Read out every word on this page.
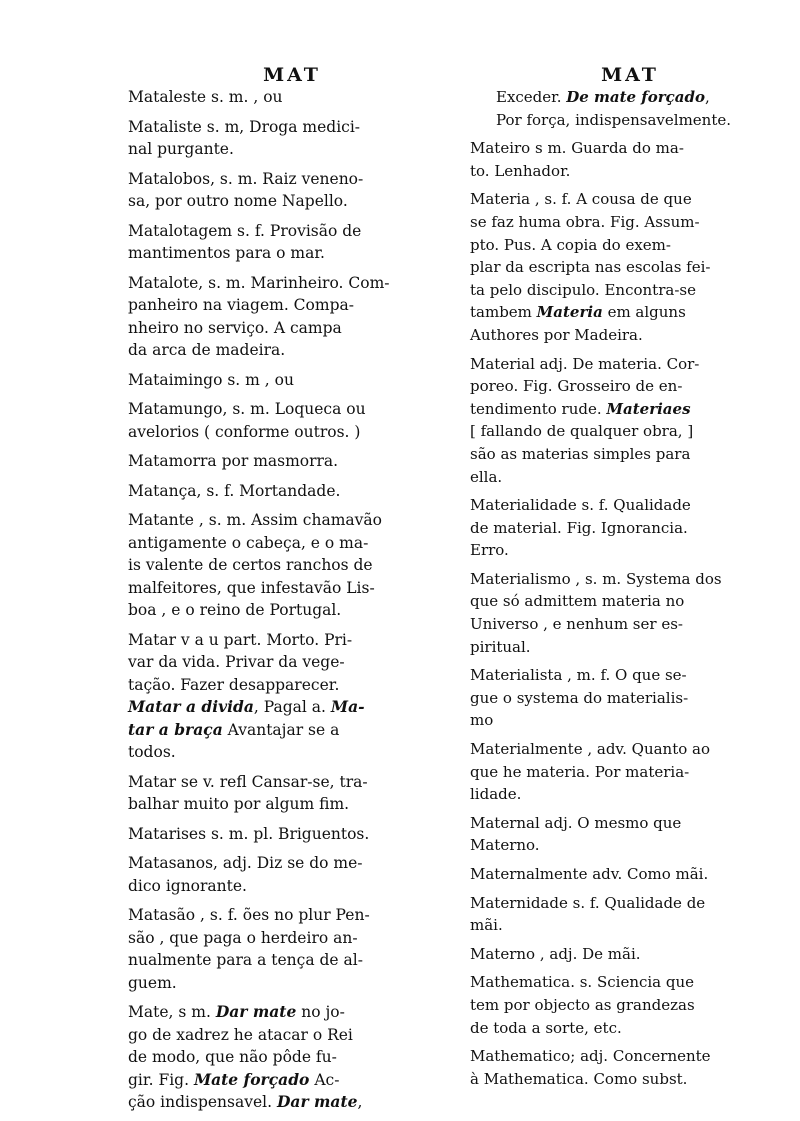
MAT	MAT
Mataleste s. m. , ou
Mataliste s. m, Droga medici-
nal purgante.
Matalobos, s. m. Raiz veneno-
sa, por outro nome Napello.
Matalotagem s. f. Provisão de
mantimentos para o mar.
Matalote, s. m. Marinheiro. Com-
panheiro na viagem. Compa-
nheiro no serviço. A campa
da arca de madeira.
Mataimingo s. m , ou
Matamungo, s. m. Loqueca ou
avelorios ( conforme outros. )
Matamorra por masmorra.
Matança, s. f. Mortandade.
Matante , s. m. Assim chamavão
antigamente o cabeça, e o ma-
is valente de certos ranchos de
malfeitores, que infestavão Lis-
boa , e o reino de Portugal.
Matar v a u part. Morto. Pri-
var da vida. Privar da vege-
tação. Fazer desapparecer.
Matar a divida, Pagal a. Ma-
tar a braça Avantajar se a
todos.
Matar se v. refl Cansar-se, tra-
balhar muito por algum fim.
Matarises s. m. pl. Briguentos.
Matasanos, adj. Diz se do me-
dico ignorante.
Matasão , s. f. ões no plur Pen-
são , que paga o herdeiro an-
nualmente para a tença de al-
guem.
Mate, s m. Dar mate no jo-
go de xadrez he atacar o Rei
de modo, que não pôde fu-
gir. Fig. Mate forçado Ac-
ção indispensavel. Dar mate,
Exceder. De mate forçado,
Por força, indispensavelmente.
Mateiro s m. Guarda do ma-
to. Lenhador.
Materia , s. f. A cousa de que
se faz huma obra. Fig. Assum-
pto. Pus. A copia do exem-
plar da escripta nas escolas fei-
ta pelo discipulo. Encontra-se
tambem Materia em alguns
Authores por Madeira.
Material adj. De materia. Cor-
poreo. Fig. Grosseiro de en-
tendimento rude. Materiaes
[ fallando de qualquer obra, ]
são as materias simples para
ella.
Materialidade s. f. Qualidade
de material. Fig. Ignorancia.
Erro.
Materialismo , s. m. Systema dos
que só admittem materia no
Universo , e nenhum ser es-
piritual.
Materialista , m. f. O que se-
gue o systema do materialis-
mo
Materialmente , adv. Quanto ao
que he materia. Por materia-
lidade.
Maternal adj. O mesmo que
Materno.
Maternalmente adv. Como mãi.
Maternidade s. f. Qualidade de
mãi.
Materno , adj. De mãi.
Mathematica. s. Sciencia que
tem por objecto as grandezas
de toda a sorte, etc.
Mathematico; adj. Concernente
à Mathematica. Como subst.
